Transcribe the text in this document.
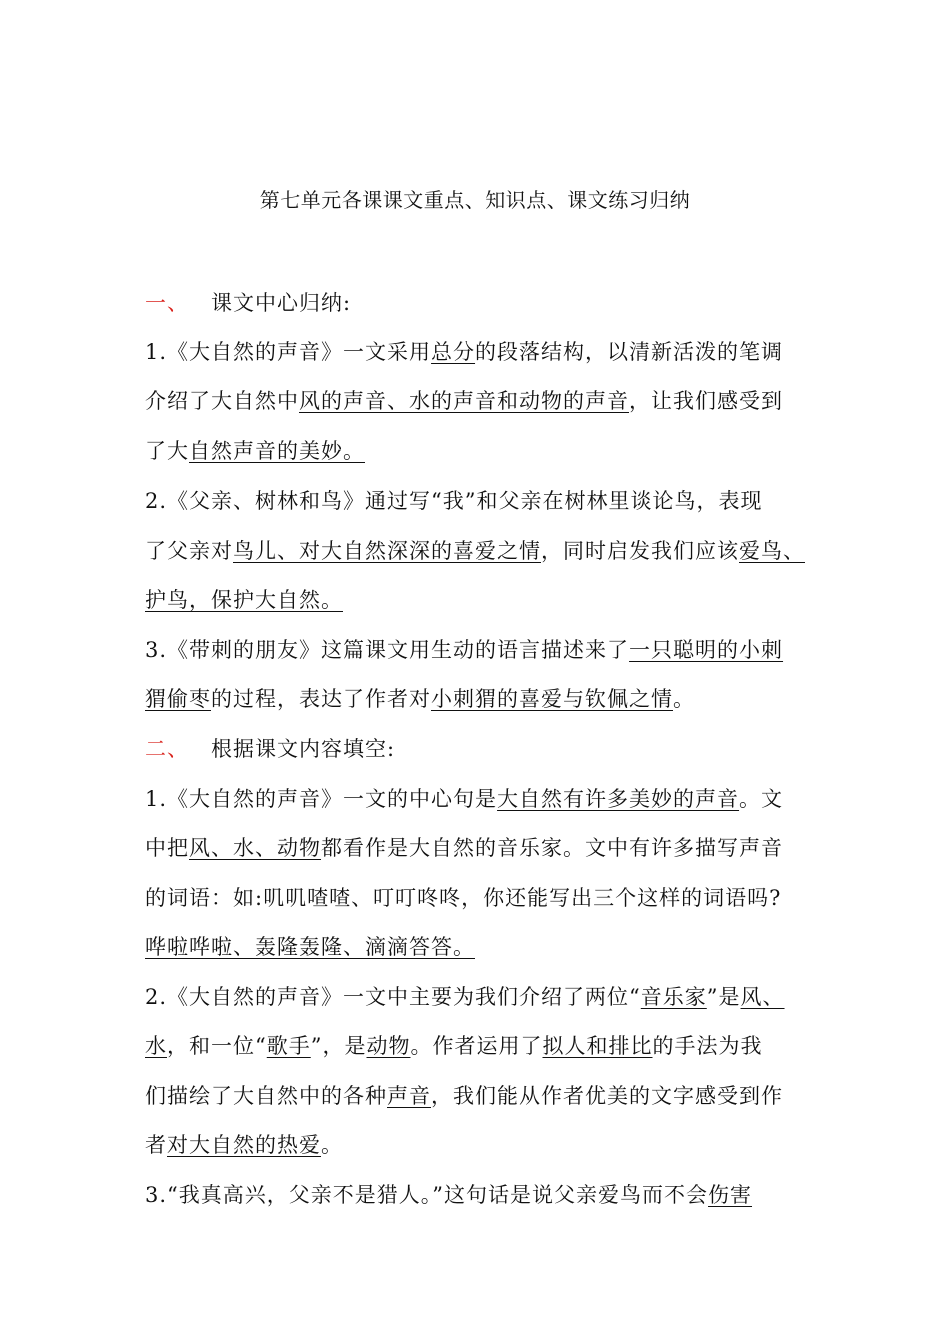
第七单元各课课文重点、知识点、课文练习归纳
一、 课文中心归纳:
1.《大自然的声音》一文采用总分的段落结构，以清新活泼的笔调
介绍了大自然中风的声音、水的声音和动物的声音，让我们感受到
了大自然声音的美妙。
2.《父亲、树林和鸟》通过写“我”和父亲在树林里谈论鸟，表现
了父亲对鸟儿、对大自然深深的喜爱之情，同时启发我们应该爱鸟、
护鸟，保护大自然。
3.《带刺的朋友》这篇课文用生动的语言描述来了一只聪明的小刺
猬偷枣的过程，表达了作者对小刺猬的喜爱与钦佩之情。
二、 根据课文内容填空:
1.《大自然的声音》一文的中心句是大自然有许多美妙的声音。文
中把风、水、动物都看作是大自然的音乐家。文中有许多描写声音
的词语：如:叽叽喳喳、叮叮咚咚，你还能写出三个这样的词语吗?
哗啦哗啦、轰隆轰隆、滴滴答答。
2.《大自然的声音》一文中主要为我们介绍了两位“音乐家”是风、
水，和一位“歌手”，是动物。作者运用了拟人和排比的手法为我
们描绘了大自然中的各种声音，我们能从作者优美的文字感受到作
者对大自然的热爱。
3.“我真高兴，父亲不是猎人。”这句话是说父亲爱鸟而不会伤害
